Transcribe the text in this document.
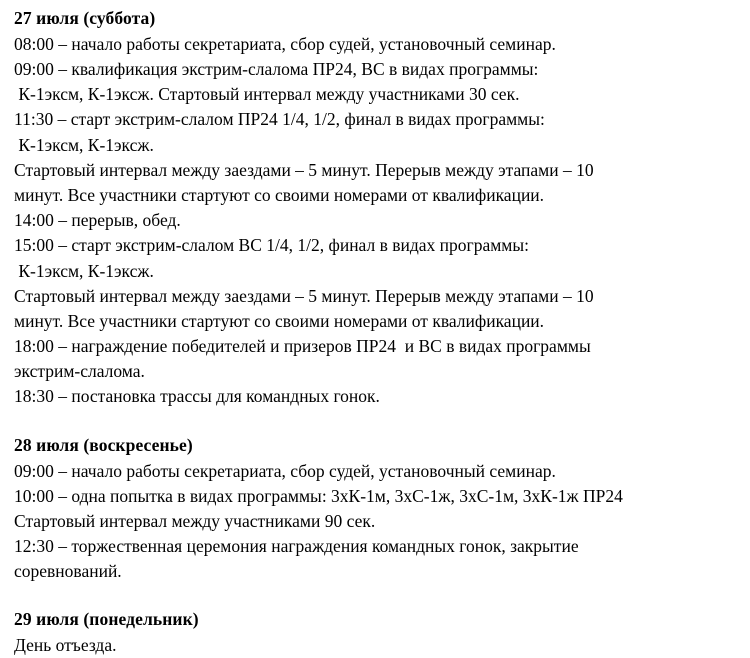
27 июля (суббота)

08:00 – начало работы секретариата, сбор судей, установочный семинар.

09:00 – квалификация экстрим-слалома ПР24, ВС в видах программы:

К-1эксм, К-1эксж. Стартовый интервал между участниками 30 сек.

11:30 – старт экстрим-слалом ПР24 1/4, 1/2, финал в видах программы:

К-1эксм, К-1эксж.

Стартовый интервал между заездами – 5 минут. Перерыв между этапами – 10

минут. Все участники стартуют со своими номерами от квалификации.

14:00 – перерыв, обед.

15:00 – старт экстрим-слалом ВС 1/4, 1/2, финал в видах программы:

К-1эксм, К-1эксж.

Стартовый интервал между заездами – 5 минут. Перерыв между этапами – 10

минут. Все участники стартуют со своими номерами от квалификации.

18:00 – награждение победителей и призеров ПР24  и ВС в видах программы

экстрим-слалома.

18:30 – постановка трассы для командных гонок.

28 июля (воскресенье)

09:00 – начало работы секретариата, сбор судей, установочный семинар.

10:00 – одна попытка в видах программы: 3хК-1м, 3хС-1ж, 3хС-1м, 3хК-1ж ПР24

Стартовый интервал между участниками 90 сек.

12:30 – торжественная церемония награждения командных гонок, закрытие

соревнований.

29 июля (понедельник)

День отъезда.
